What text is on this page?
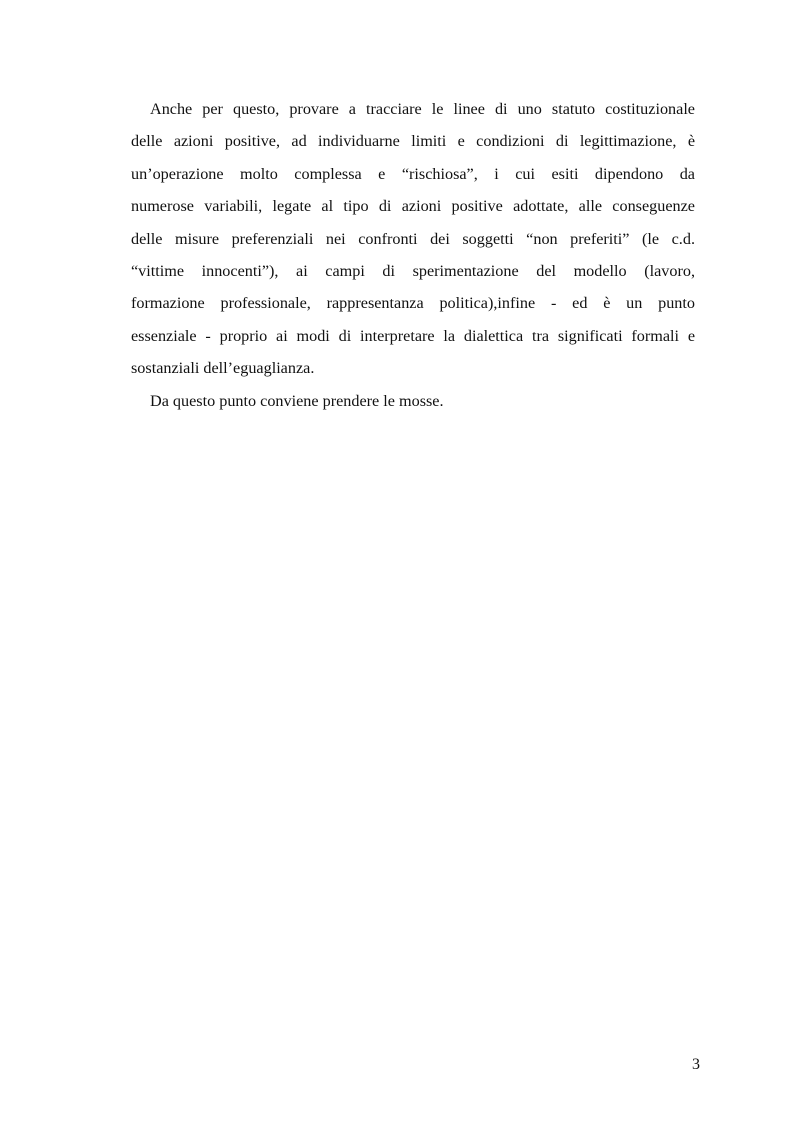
Anche per questo, provare a tracciare le linee di uno statuto costituzionale
delle azioni positive, ad individuarne limiti e condizioni di legittimazione, è
un’operazione molto complessa e “rischiosa”, i cui esiti dipendono da
numerose variabili, legate al tipo di azioni positive adottate, alle conseguenze
delle misure preferenziali nei confronti dei soggetti “non preferiti” (le c.d.
“vittime innocenti”), ai campi di sperimentazione del modello (lavoro,
formazione professionale, rappresentanza politica),infine - ed è un punto
essenziale - proprio ai modi di interpretare la dialettica tra significati formali e
sostanziali dell’eguaglianza.
Da questo punto conviene prendere le mosse.
3
